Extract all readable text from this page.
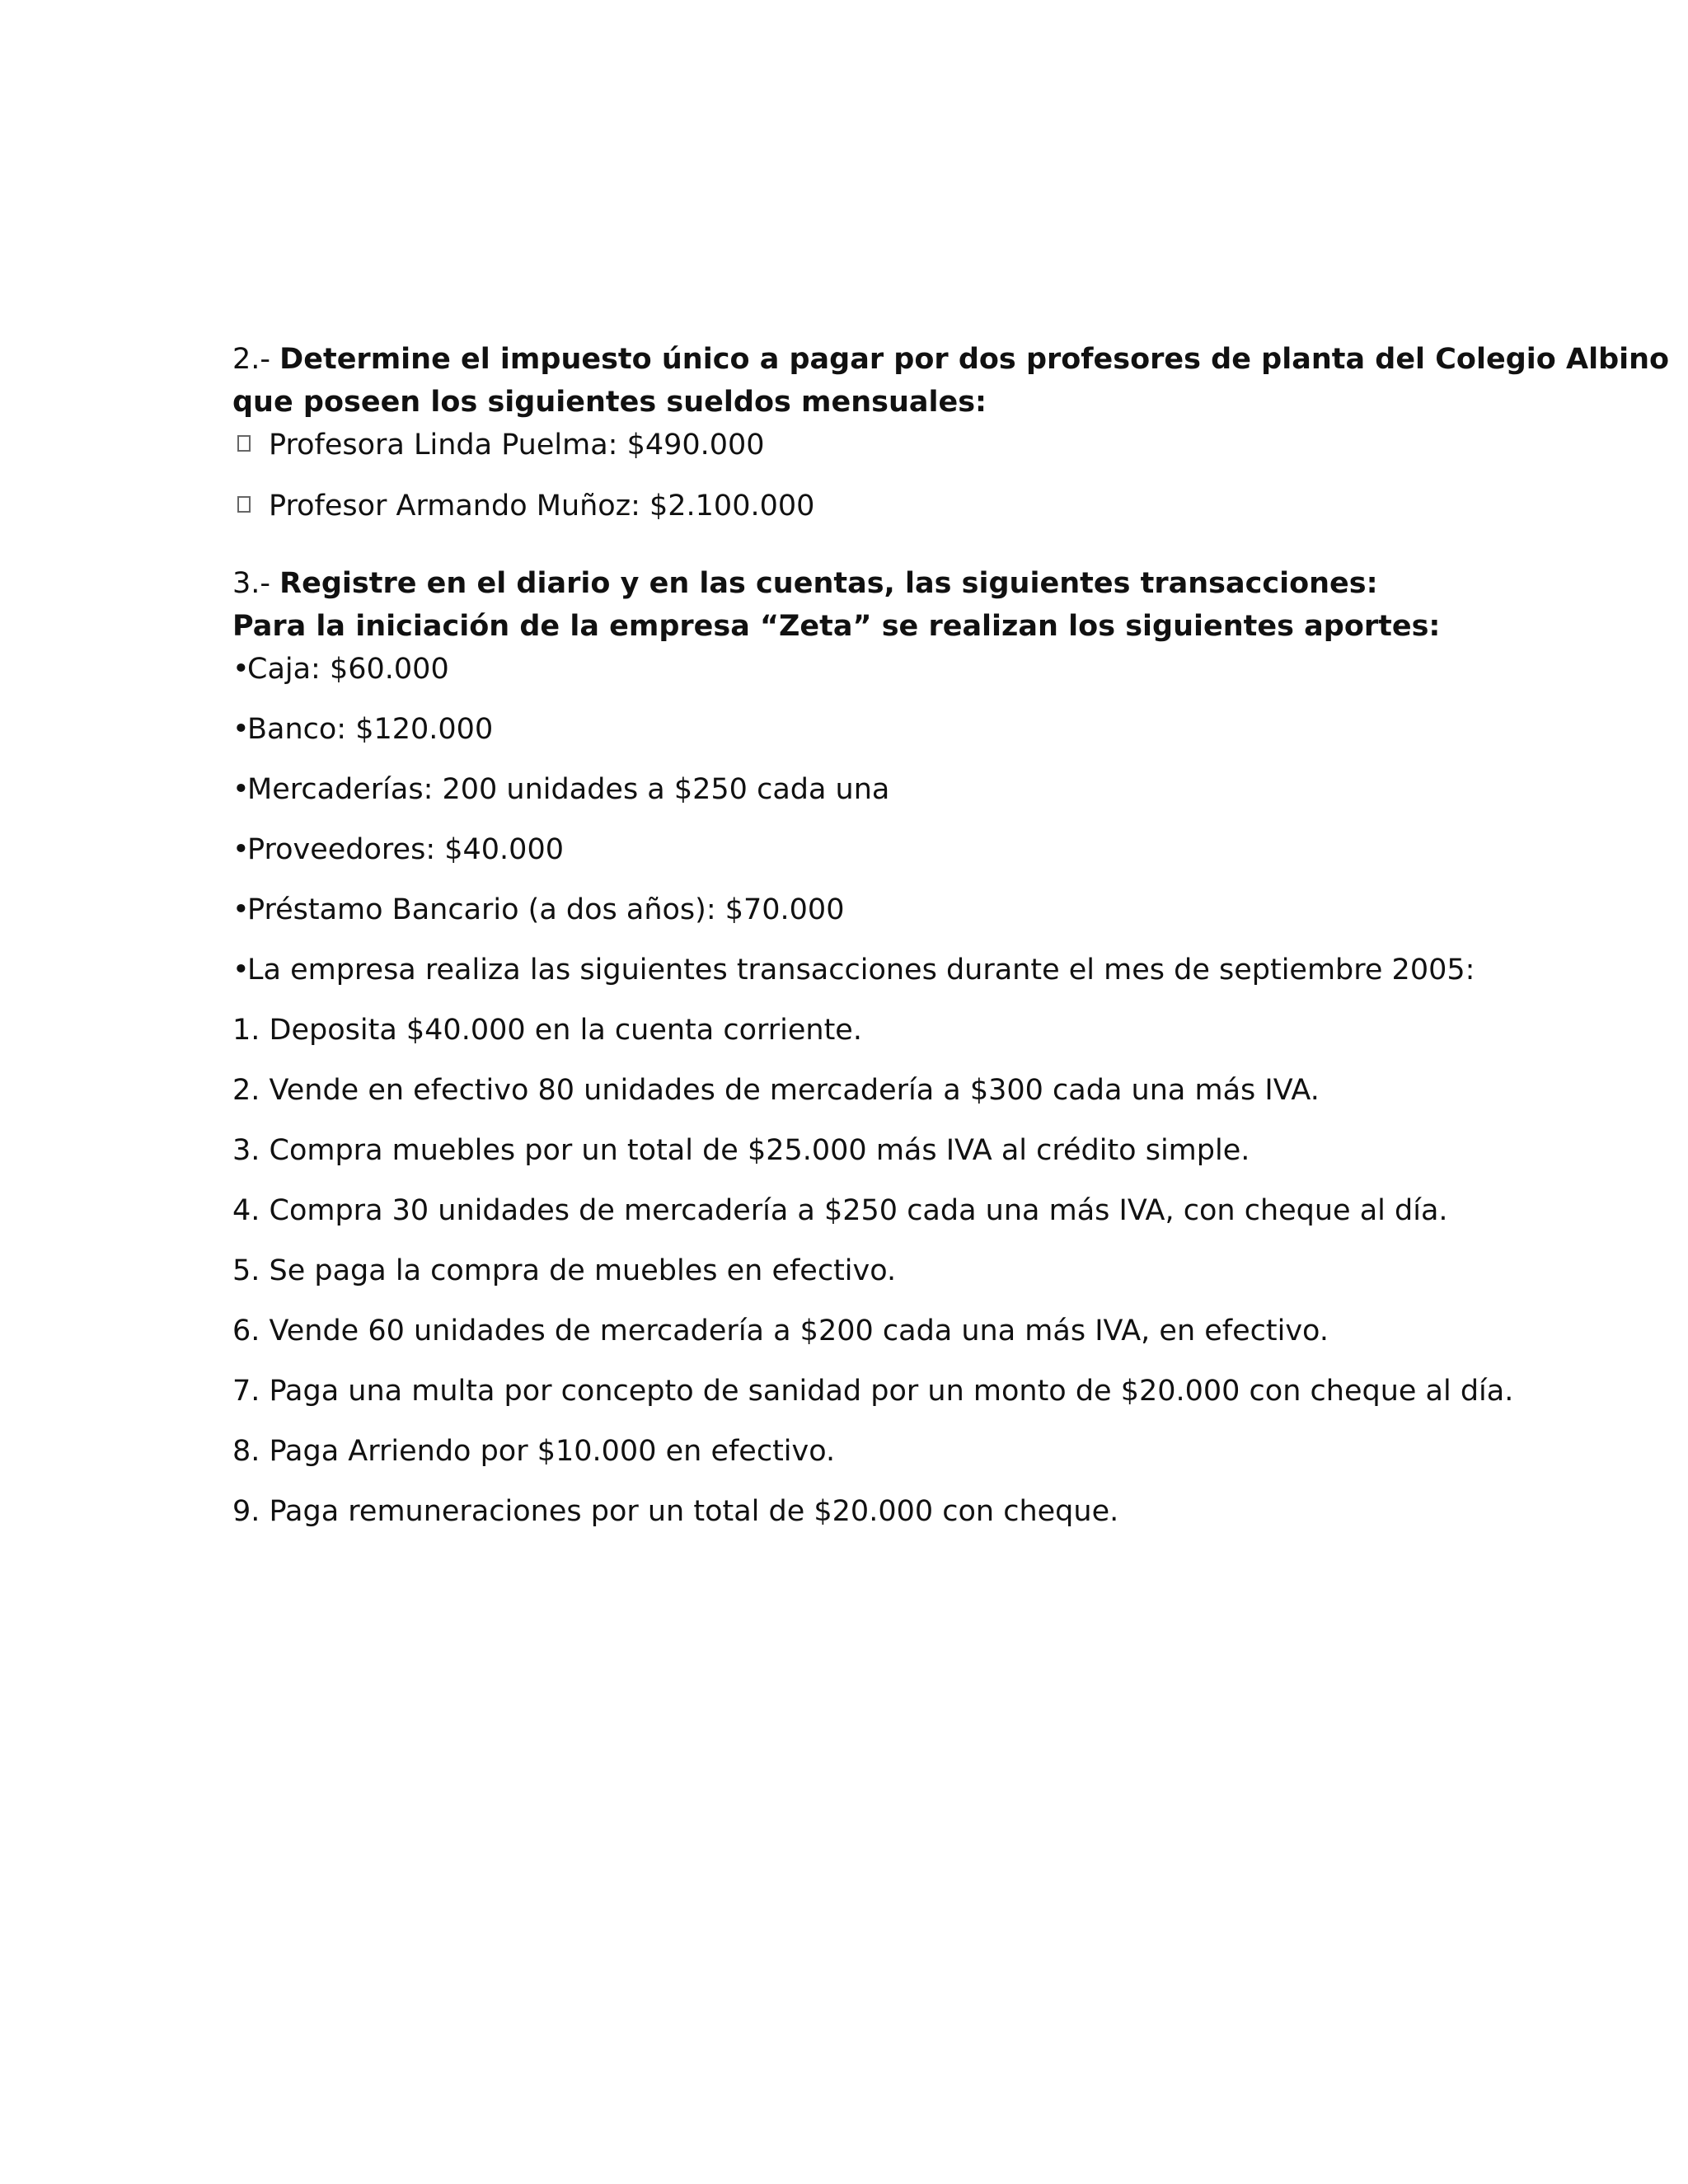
2.- Determine el impuesto único a pagar por dos profesores de planta del Colegio Albino

que poseen los siguientes sueldos mensuales:

Profesora Linda Puelma: $490.000

Profesor Armando Muñoz: $2.100.000

3.- Registre en el diario y en las cuentas, las siguientes transacciones:

Para la iniciación de la empresa “Zeta” se realizan los siguientes aportes:

•Caja: $60.000

•Banco: $120.000

•Mercaderías: 200 unidades a $250 cada una

•Proveedores: $40.000

•Préstamo Bancario (a dos años): $70.000

•La empresa realiza las siguientes transacciones durante el mes de septiembre 2005:

1. Deposita $40.000 en la cuenta corriente.

2. Vende en efectivo 80 unidades de mercadería a $300 cada una más IVA.

3. Compra muebles por un total de $25.000 más IVA al crédito simple.

4. Compra 30 unidades de mercadería a $250 cada una más IVA, con cheque al día.

5. Se paga la compra de muebles en efectivo.

6. Vende 60 unidades de mercadería a $200 cada una más IVA, en efectivo.

7. Paga una multa por concepto de sanidad por un monto de $20.000 con cheque al día.

8. Paga Arriendo por $10.000 en efectivo.

9. Paga remuneraciones por un total de $20.000 con cheque.
